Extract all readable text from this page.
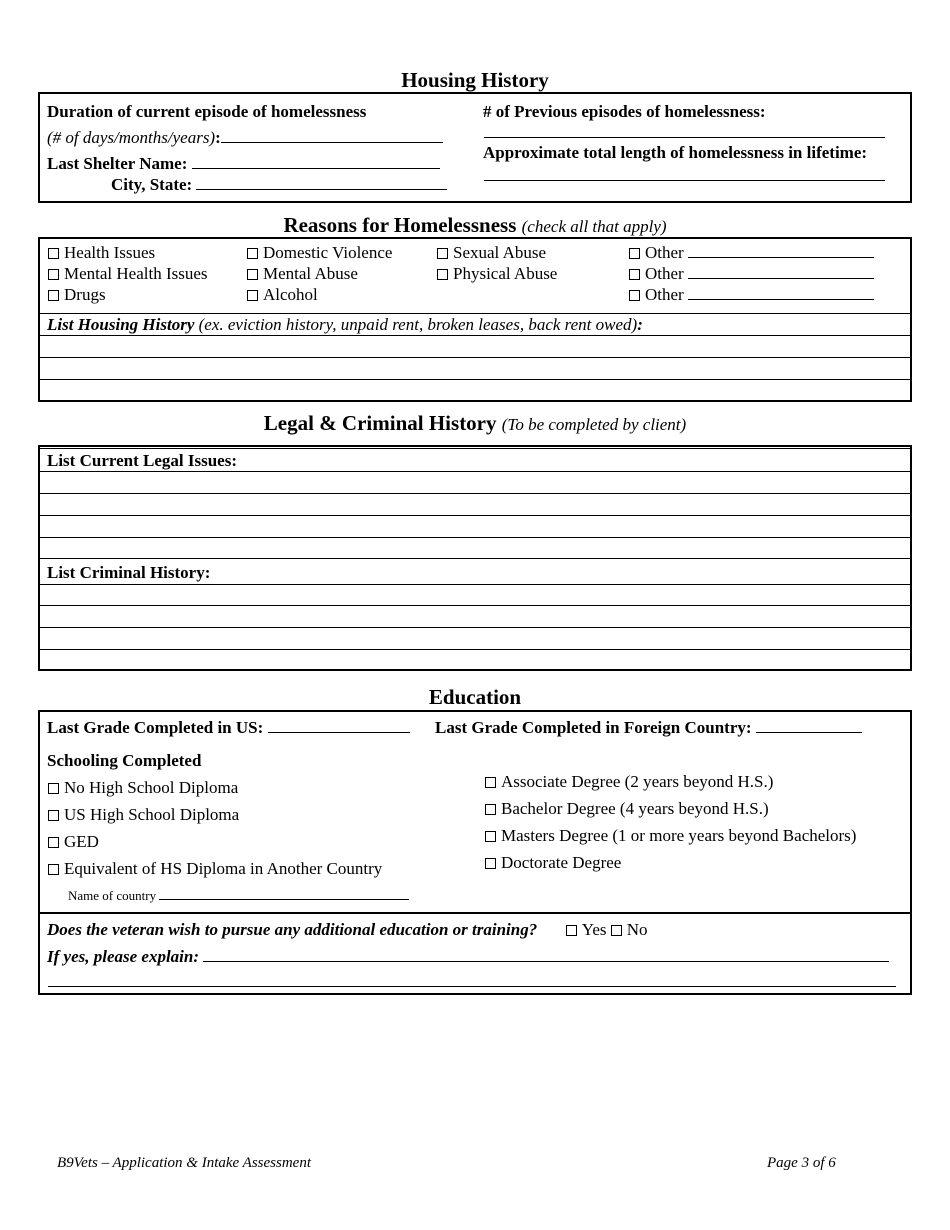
Housing History
Duration of current episode of homelessness
(# of days/months/years):
Last Shelter Name:
City, State:
# of Previous episodes of homelessness:
Approximate total length of homelessness in lifetime:
Reasons for Homelessness (check all that apply)
Health Issues
Mental Health Issues
Drugs
Domestic Violence
Mental Abuse
Alcohol
Sexual Abuse
Physical Abuse
Other
Other
Other
List Housing History (ex. eviction history, unpaid rent, broken leases, back rent owed):
Legal & Criminal History (To be completed by client)
List Current Legal Issues:
List Criminal History:
Education
Last Grade Completed in US:	Last Grade Completed in Foreign Country:
Schooling Completed
No High School Diploma
US High School Diploma
GED
Equivalent of HS Diploma in Another Country
Name of country
Associate Degree (2 years beyond H.S.)
Bachelor Degree (4 years beyond H.S.)
Masters Degree (1 or more years beyond Bachelors)
Doctorate Degree
Does the veteran wish to pursue any additional education or training?	Yes No
If yes, please explain:
B9Vets – Application & Intake Assessment	Page 3 of 6
